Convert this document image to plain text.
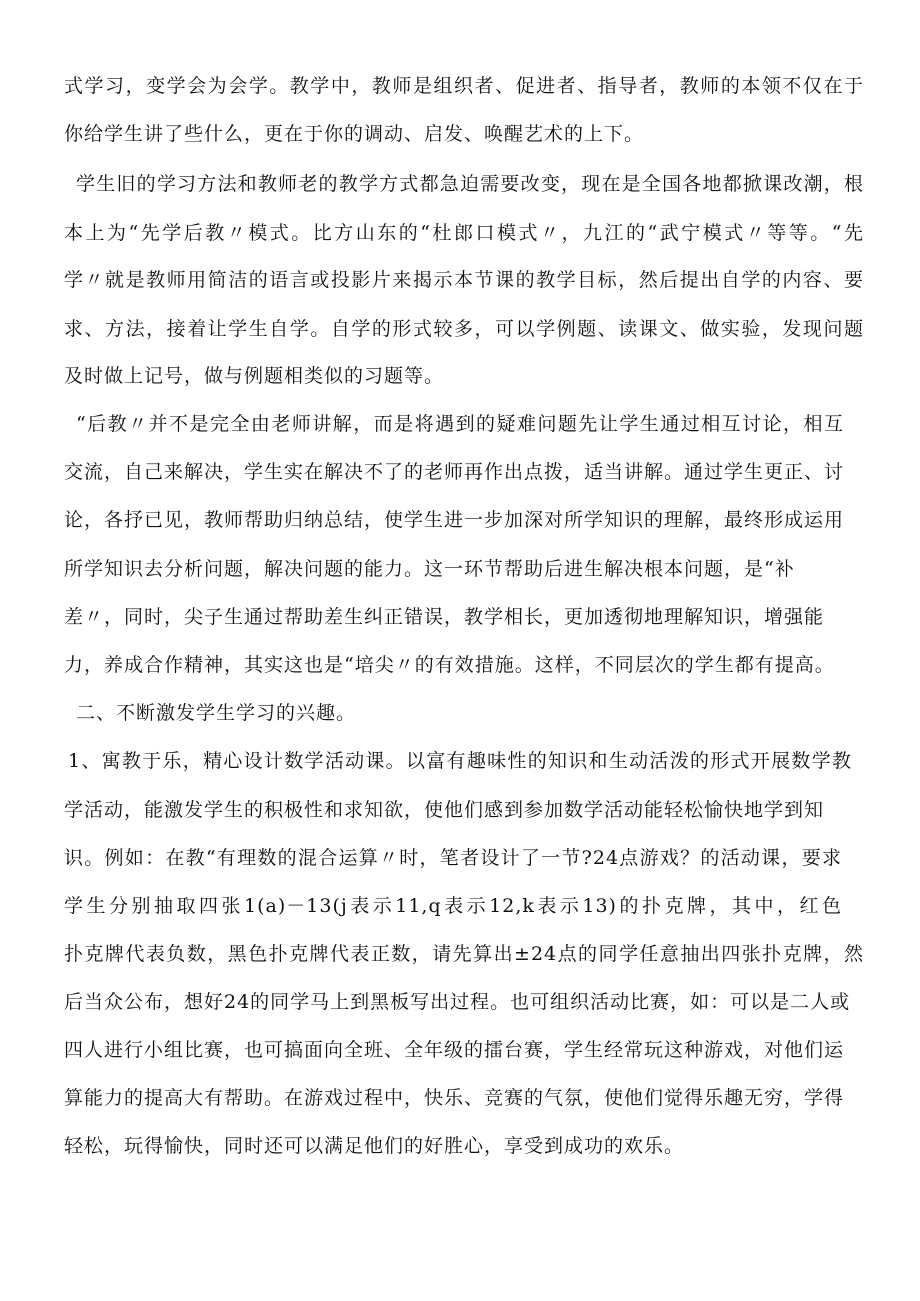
式学习，变学会为会学。教学中，教师是组织者、促进者、指导者，教师的本领不仅在于
你给学生讲了些什么，更在于你的调动、启发、唤醒艺术的上下。
学生旧的学习方法和教师老的教学方式都急迫需要改变，现在是全国各地都掀课改潮，根
本上为“先学后教〃模式。比方山东的“杜郎口模式〃，九江的“武宁模式〃等等。“先
学〃就是教师用简洁的语言或投影片来揭示本节课的教学目标，然后提出自学的内容、要
求、方法，接着让学生自学。自学的形式较多，可以学例题、读课文、做实验，发现问题
及时做上记号，做与例题相类似的习题等。
“后教〃并不是完全由老师讲解，而是将遇到的疑难问题先让学生通过相互讨论，相互
交流，自己来解决，学生实在解决不了的老师再作出点拨，适当讲解。通过学生更正、讨
论，各抒已见，教师帮助归纳总结，使学生进一步加深对所学知识的理解，最终形成运用
所学知识去分析问题，解决问题的能力。这一环节帮助后进生解决根本问题，是“补
差〃，同时，尖子生通过帮助差生纠正错误，教学相长，更加透彻地理解知识，增强能
力，养成合作精神，其实这也是“培尖〃的有效措施。这样，不同层次的学生都有提高。
二、不断激发学生学习的兴趣。
1、寓教于乐，精心设计数学活动课。以富有趣味性的知识和生动活泼的形式开展数学教
学活动，能激发学生的积极性和求知欲，使他们感到参加数学活动能轻松愉快地学到知
识。例如：在教“有理数的混合运算〃时，笔者设计了一节?24点游戏？的活动课，要求
学生分别抽取四张1(a)－13(j表示11,q表示12,k表示13)的扑克牌，其中，红色
扑克牌代表负数，黑色扑克牌代表正数，请先算出±24点的同学任意抽出四张扑克牌，然
后当众公布，想好24的同学马上到黑板写出过程。也可组织活动比赛，如：可以是二人或
四人进行小组比赛，也可搞面向全班、全年级的擂台赛，学生经常玩这种游戏，对他们运
算能力的提高大有帮助。在游戏过程中，快乐、竞赛的气氛，使他们觉得乐趣无穷，学得
轻松，玩得愉快，同时还可以满足他们的好胜心，享受到成功的欢乐。
